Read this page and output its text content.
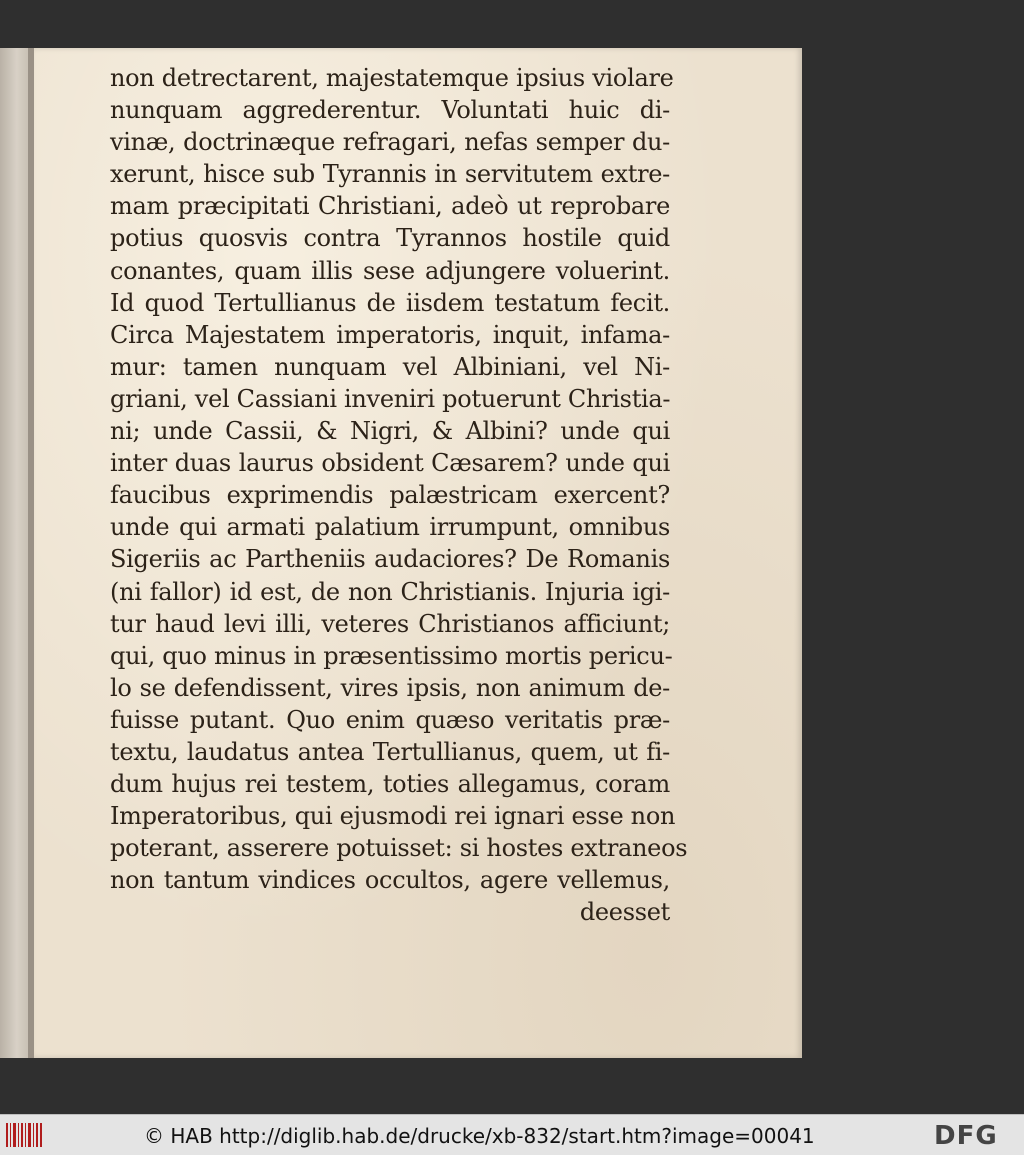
non detrectarent, majestatemque ipsius violare
nunquam aggrederentur. Voluntati huic di-
vinæ, doctrinæque refragari, nefas semper du-
xerunt, hisce sub Tyrannis in servitutem extre-
mam præcipitati Christiani, adeò ut reprobare
potius quosvis contra Tyrannos hostile quid
conantes, quam illis sese adjungere voluerint.
Id quod Tertullianus de iisdem testatum fecit.
Circa Majestatem imperatoris, inquit, infama-
mur: tamen nunquam vel Albiniani, vel Ni-
griani, vel Cassiani inveniri potuerunt Christia-
ni; unde Cassii, & Nigri, & Albini? unde qui
inter duas laurus obsident Cæsarem? unde qui
faucibus exprimendis palæstricam exercent?
unde qui armati palatium irrumpunt, omnibus
Sigeriis ac Partheniis audaciores? De Romanis
(ni fallor) id est, de non Christianis. Injuria igi-
tur haud levi illi, veteres Christianos afficiunt;
qui, quo minus in præsentissimo mortis pericu-
lo se defendissent, vires ipsis, non animum de-
fuisse putant. Quo enim quæso veritatis præ-
textu, laudatus antea Tertullianus, quem, ut fi-
dum hujus rei testem, toties allegamus, coram
Imperatoribus, qui ejusmodi rei ignari esse non
poterant, asserere potuisset: si hostes extraneos
non tantum vindices occultos, agere vellemus,
deesset
© HAB http://diglib.hab.de/drucke/xb-832/start.htm?image=00041	DFG
